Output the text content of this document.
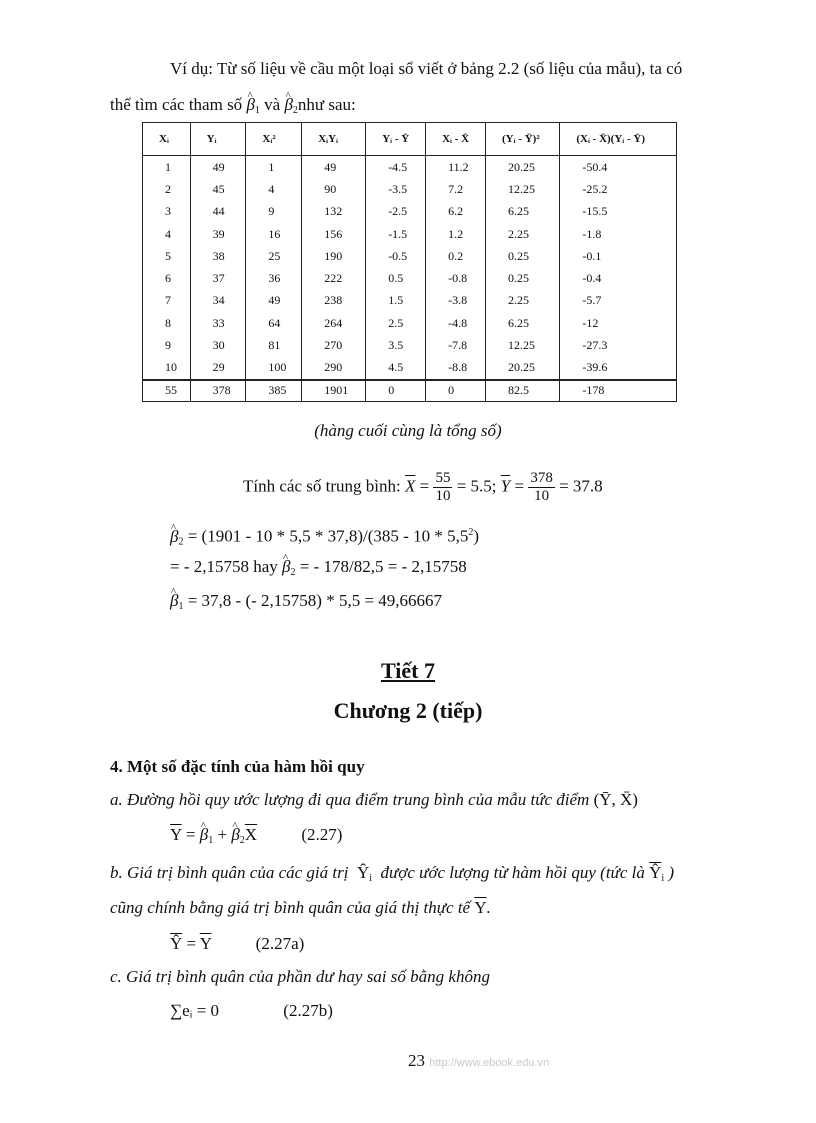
Ví dụ: Từ số liệu về cầu một loại sổ viết ở bảng 2.2 (số liệu của mẫu), ta có
thể tìm các tham số ^ $\beta_1$ và ^ $\beta_2như$ sau:
Xᵢ	Yᵢ	Xᵢ²	XᵢYᵢ	Yᵢ - Ȳ	Xᵢ - X̄	(Yᵢ - Ȳ)²	(Xᵢ - X̄)(Yᵢ - Ȳ)
1	49	1	49	-4.5	11.2	20.25	-50.4
2	45	4	90	-3.5	7.2	12.25	-25.2
3	44	9	132	-2.5	6.2	6.25	-15.5
4	39	16	156	-1.5	1.2	2.25	-1.8
5	38	25	190	-0.5	0.2	0.25	-0.1
6	37	36	222	0.5	-0.8	0.25	-0.4
7	34	49	238	1.5	-3.8	2.25	-5.7
8	33	64	264	2.5	-4.8	6.25	-12
9	30	81	270	3.5	-7.8	12.25	-27.3
10	29	100	290	4.5	-8.8	20.25	-39.6
55	378	385	1901	0	0	82.5	-178
(hàng cuối cùng là tổng số)
Tính các số trung bình: $\overline{X} = \frac{55}{10} = 5.5$; $\overline{Y} = \frac{378}{10} = 37.8$
^ $\beta_2 = (1901 - 10 * 5,5 * 37,8)/(385 - 10 * 5,5^2)$
= - 2,15758 hay ^ $\beta_2$ = - 178/82,5 = - 2,15758
^ $\beta_1 = 37,8$ - (- 2,15758) * 5,5 = 49,66667
Tiết 7
Chương 2 (tiếp)
4. Một số đặc tính của hàm hồi quy
a. Đường hồi quy ước lượng đi qua điểm trung bình của mẫu tức điểm (Ȳ, X̄)
$\overline{Y}$ = ^ $\beta_1$ + ^ $\beta_2\overline{X}$	(2.27)
b. Giá trị bình quân của các giá trị  $Ŷ_i$ được ước lượng từ hàm hồi quy (tức là $\overline{Ŷ}_i$ )
cũng chính bằng giá trị bình quân của giá thị thực tế $\overline{Y}$.
$\overline{Ŷ} = \overline{Y}$	(2.27a)
c. Giá trị bình quân của phần dư hay sai số bằng không
∑eᵢ = 0	(2.27b)
23 http://www.ebook.edu.vn
